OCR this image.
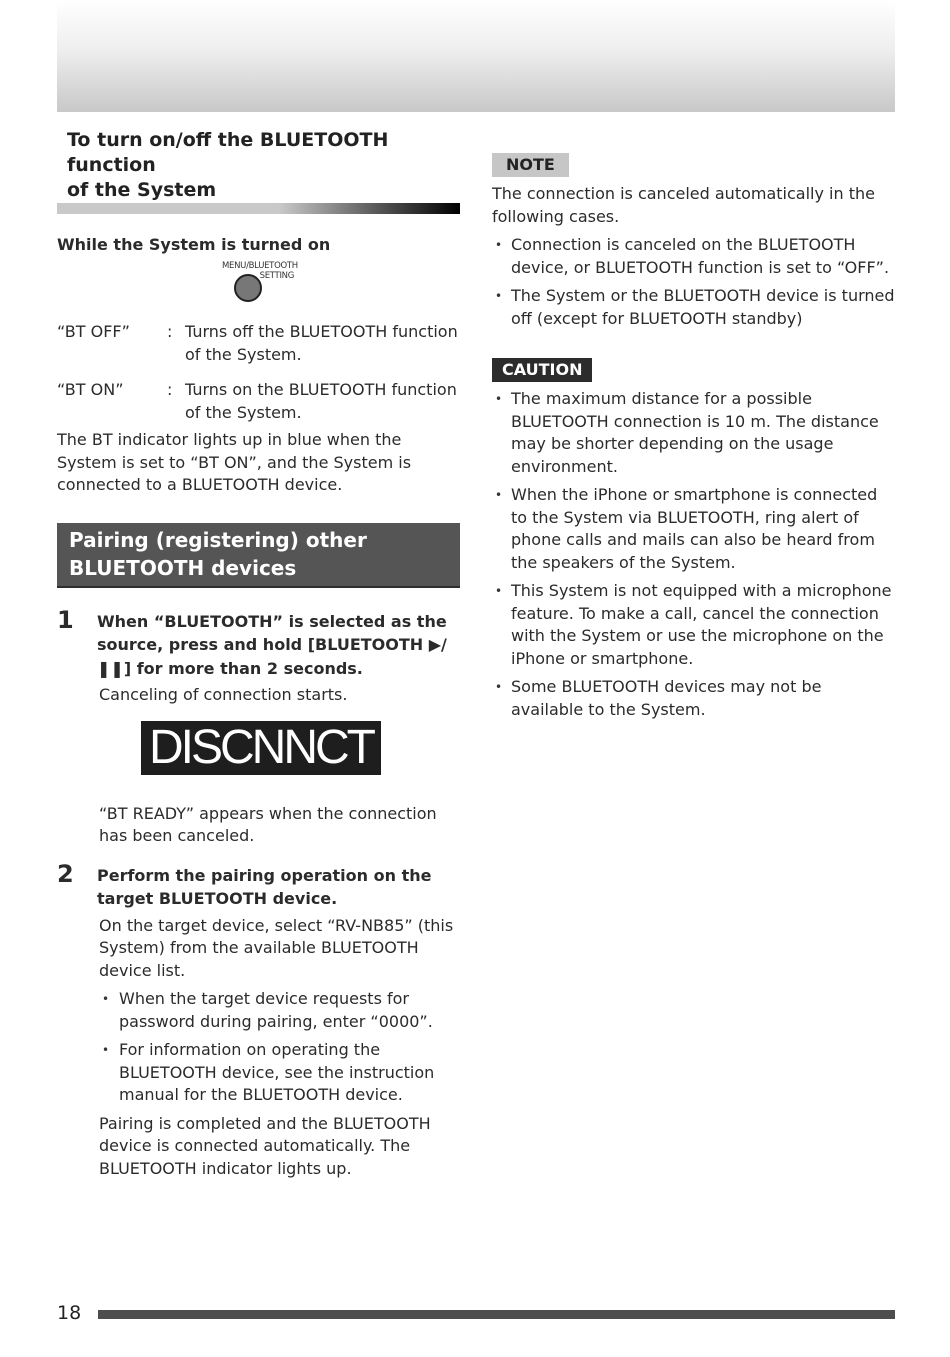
To turn on/off the BLUETOOTH function
of the System

While the System is turned on

MENU/BLUETOOTH
SETTING
“BT OFF”	: Turns off the BLUETOOTH function of the System.
“BT ON”	: Turns on the BLUETOOTH function of the System.

The BT indicator lights up in blue when the System is set to “BT ON”, and the System is connected to a BLUETOOTH device.

Pairing (registering) other
BLUETOOTH devices
1	When “BLUETOOTH” is selected as the source, press and hold [BLUETOOTH ▶/❚❚] for more than 2 seconds.

Canceling of connection starts.

DISCNNCT

“BT READY” appears when the connection has been canceled.

2	Perform the pairing operation on the target BLUETOOTH device.

On the target device, select “RV-NB85” (this System) from the available BLUETOOTH device list.

• When the target device requests for password during pairing, enter “0000”.
• For information on operating the BLUETOOTH device, see the instruction manual for the BLUETOOTH device.

Pairing is completed and the BLUETOOTH device is connected automatically. The BLUETOOTH indicator lights up.

NOTE

The connection is canceled automatically in the following cases.

• Connection is canceled on the BLUETOOTH device, or BLUETOOTH function is set to “OFF”.
• The System or the BLUETOOTH device is turned off (except for BLUETOOTH standby)
CAUTION
• The maximum distance for a possible BLUETOOTH connection is 10 m. The distance may be shorter depending on the usage environment.
• When the iPhone or smartphone is connected to the System via BLUETOOTH, ring alert of phone calls and mails can also be heard from the speakers of the System.
• This System is not equipped with a microphone feature. To make a call, cancel the connection with the System or use the microphone on the iPhone or smartphone.
• Some BLUETOOTH devices may not be available to the System.
18
